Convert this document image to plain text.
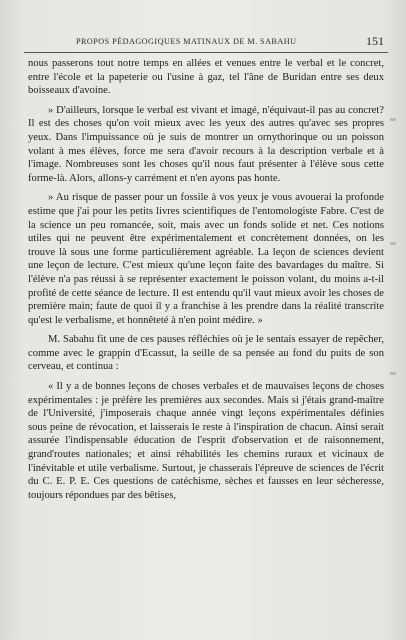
PROPOS PÉDAGOGIQUES MATINAUX DE M. SABAHU	151

nous passerons tout notre temps en allées et venues entre le verbal et le concret, entre l'école et la papeterie ou l'usine à gaz, tel l'âne de Buridan entre ses deux boisseaux d'avoine.

» D'ailleurs, lorsque le verbal est vivant et imagé, n'équivaut-il pas au concret? Il est des choses qu'on voit mieux avec les yeux des autres qu'avec ses propres yeux. Dans l'impuissance où je suis de montrer un ornythorinque ou un poisson volant à mes élèves, force me sera d'avoir recours à la description verbale et à l'image. Nombreuses sont les choses qu'il nous faut présenter à l'élève sous cette forme-là. Alors, allons-y carrément et n'en ayons pas honte.

» Au risque de passer pour un fossile à vos yeux je vous avouerai la profonde estime que j'ai pour les petits livres scientifiques de l'entomologiste Fabre. C'est de la science un peu romancée, soit, mais avec un fonds solide et net. Ces notions utiles qui ne peuvent être expérimentalement et concrètement données, on les trouve là sous une forme particulièrement agréable. La leçon de sciences devient une leçon de lecture. C'est mieux qu'une leçon faite des bavardages du maître. Si l'élève n'a pas réussi à se représenter exactement le poisson volant, du moins a-t-il profité de cette séance de lecture. Il est entendu qu'il vaut mieux avoir les choses de première main; faute de quoi il y a franchise à les prendre dans la réalité transcrite qu'est le verbalisme, et honnêteté à n'en point médire. »

M. Sabahu fit une de ces pauses réfléchies où je le sentais essayer de repêcher, comme avec le grappin d'Ecassut, la seille de sa pensée au fond du puits de son cerveau, et continua :

« Il y a de bonnes leçons de choses verbales et de mauvaises leçons de choses expérimentales : je préfère les premières aux secondes. Mais si j'étais grand-maître de l'Université, j'imposerais chaque année vingt leçons expérimentales définies sous peine de révocation, et laisserais le reste à l'inspiration de chacun. Ainsi serait assurée l'indispensable éducation de l'esprit d'observation et de raisonnement, grand'routes nationales; et ainsi réhabilités les chemins ruraux et vicinaux de l'inévitable et utile verbalisme. Surtout, je chasserais l'épreuve de sciences de l'écrit du C. E. P. E. Ces questions de catéchisme, sèches et fausses en leur sécheresse, toujours répondues par des bêtises,
